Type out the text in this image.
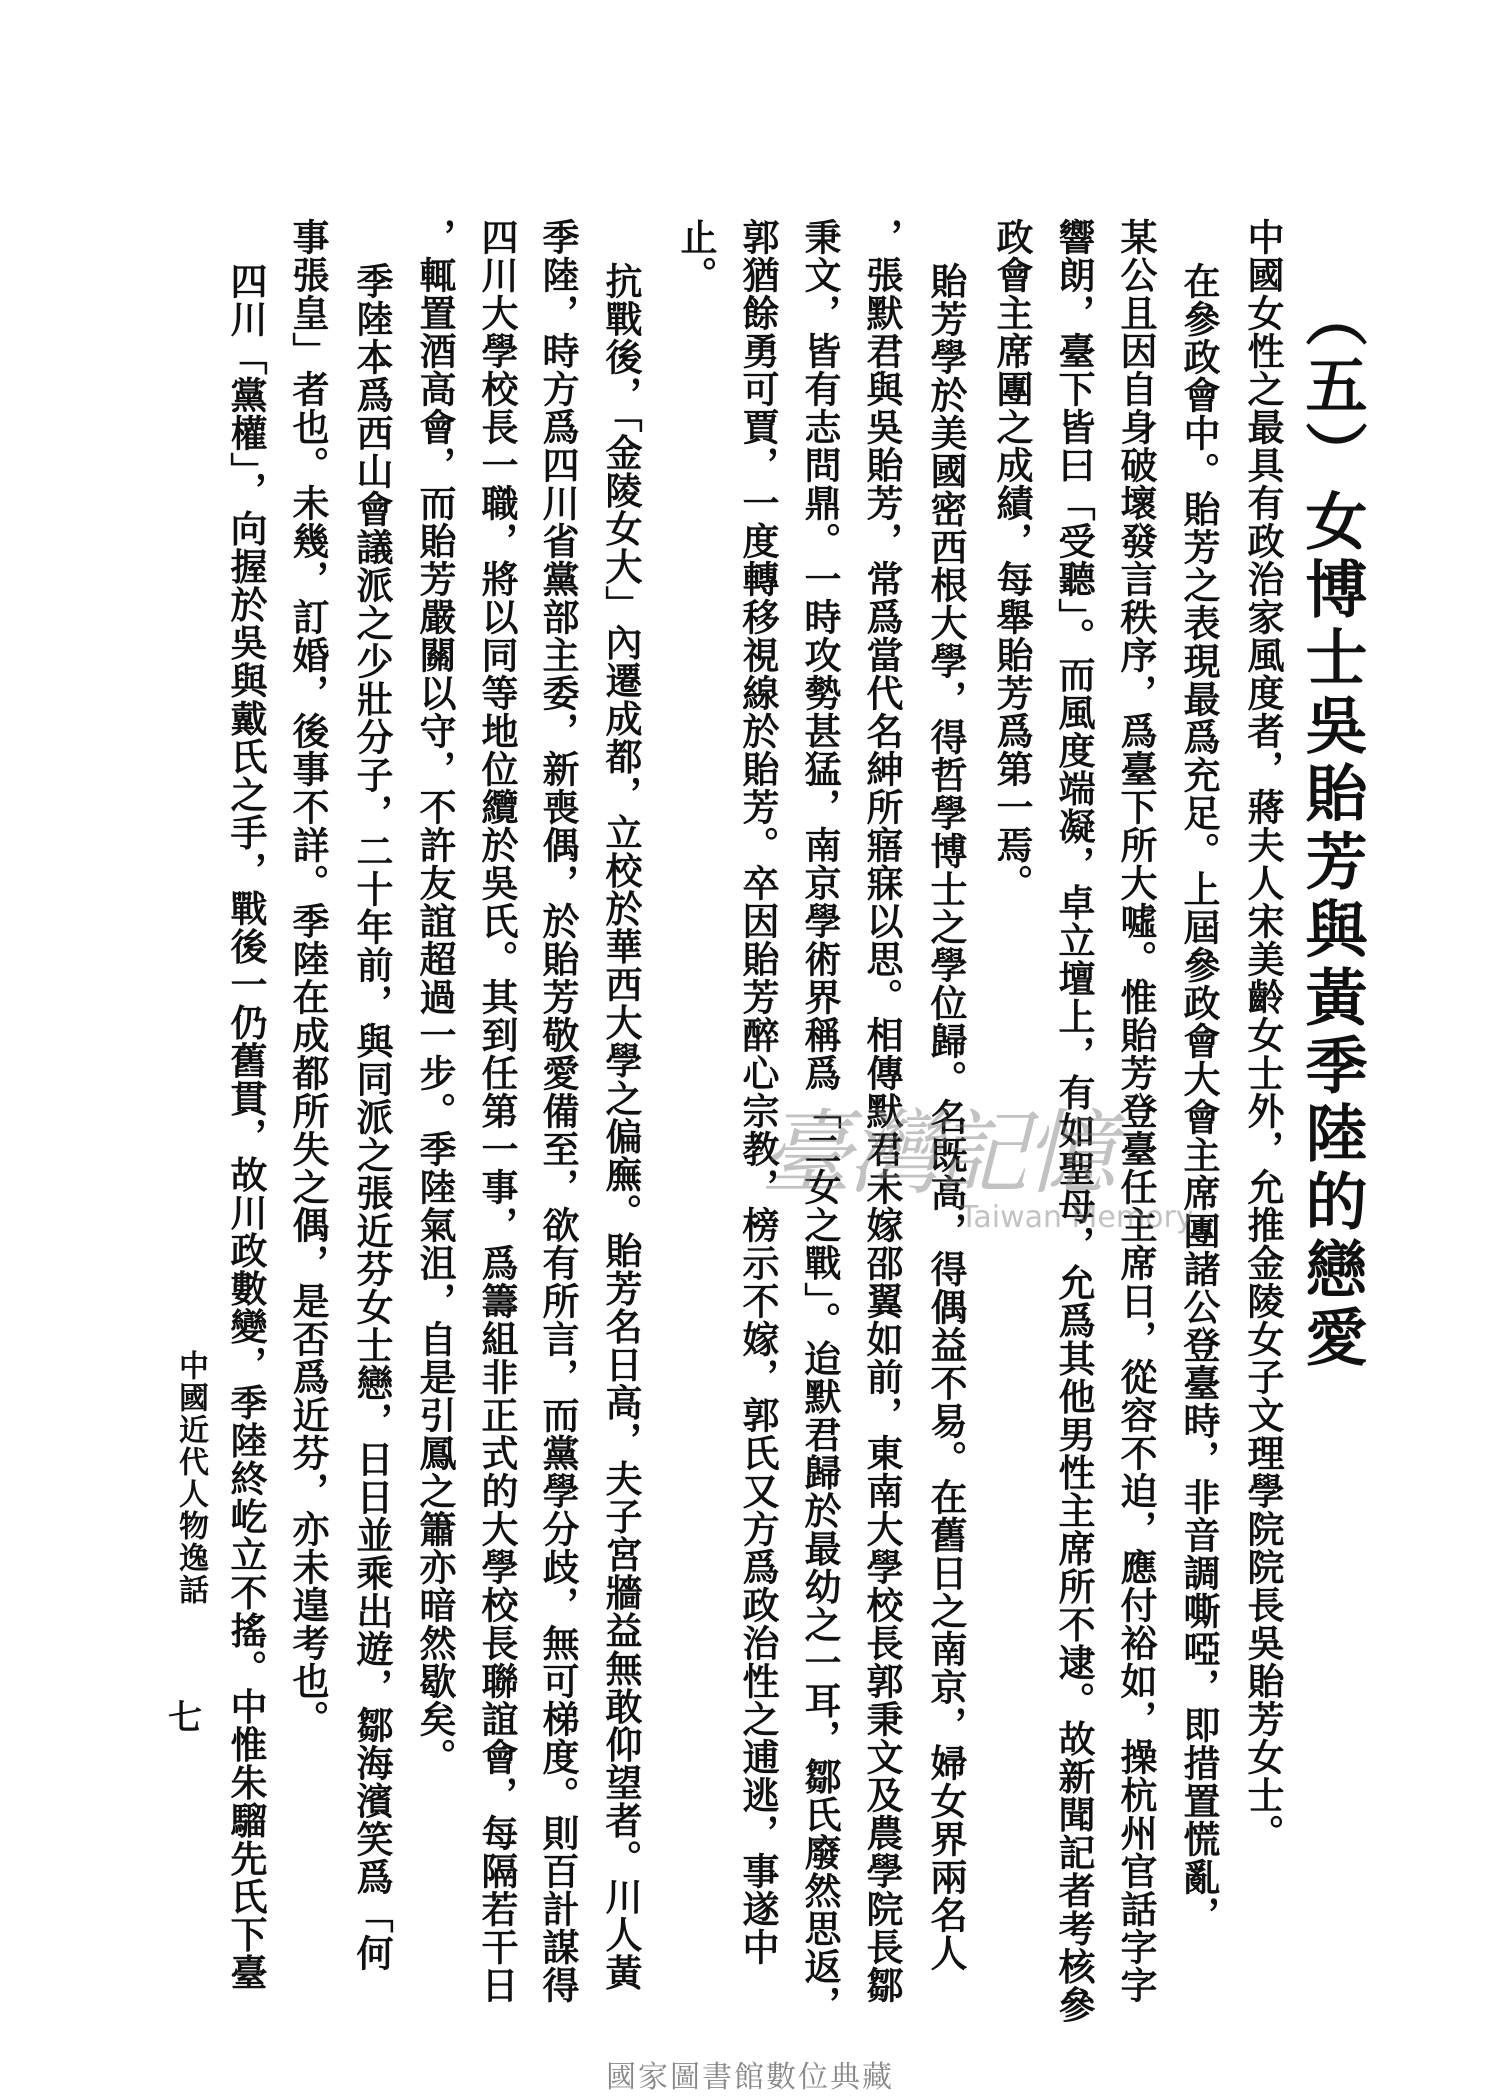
（五）女博士吳貽芳與黃季陸的戀愛
中國女性之最具有政治家風度者，蔣夫人宋美齡女士外，允推金陵女子文理學院院長吳貽芳女士。
在參政會中。貽芳之表現最爲充足。上屆參政會大會主席團諸公登臺時，非音調嘶啞，即措置慌亂，
某公且因自身破壞發言秩序，爲臺下所大噓。惟貽芳登臺任主席日，從容不迫，應付裕如，操杭州官話字字
響朗，臺下皆曰「受聽」。而風度端凝，卓立壇上，有如聖母，允爲其他男性主席所不逮。故新聞記者考核參
政會主席團之成績，每舉貽芳爲第一焉。
貽芳學於美國密西根大學，得哲學博士之學位歸。名既高，得偶益不易。在舊日之南京，婦女界兩名人
，張默君與吳貽芳，常爲當代名紳所寤寐以思。相傳默君未嫁邵翼如前，東南大學校長郭秉文及農學院長鄒
秉文，皆有志問鼎。一時攻勢甚猛，南京學術界稱爲「二女之戰」。迨默君歸於最幼之一耳，鄒氏廢然思返，
郭猶餘勇可賈，一度轉移視線於貽芳。卒因貽芳醉心宗教，榜示不嫁，郭氏又方爲政治性之逋逃，事遂中
止。
抗戰後，「金陵女大」內遷成都，立校於華西大學之偏廡。貽芳名日高，夫子宮牆益無敢仰望者。川人黃
季陸，時方爲四川省黨部主委，新喪偶，於貽芳敬愛備至，欲有所言，而黨學分歧，無可梯度。則百計謀得
四川大學校長一職，將以同等地位纜於吳氏。其到任第一事，爲籌組非正式的大學校長聯誼會，每隔若干日
，輒置酒高會，而貽芳嚴關以守，不許友誼超過一步。季陸氣沮，自是引鳳之簫亦暗然歇矣。
季陸本爲西山會議派之少壯分子，二十年前，與同派之張近芬女士戀，日日並乘出遊，鄒海濱笑爲「何
事張皇」者也。未幾，訂婚，後事不詳。季陸在成都所失之偶，是否爲近芬，亦未遑考也。
四川「黨權」，向握於吳與戴氏之手，戰後一仍舊貫，故川政數變，季陸終屹立不搖。中惟朱騮先氏下臺
中國近代人物逸話
七
臺灣記憶
Taiwan Memory
國家圖書館數位典藏
